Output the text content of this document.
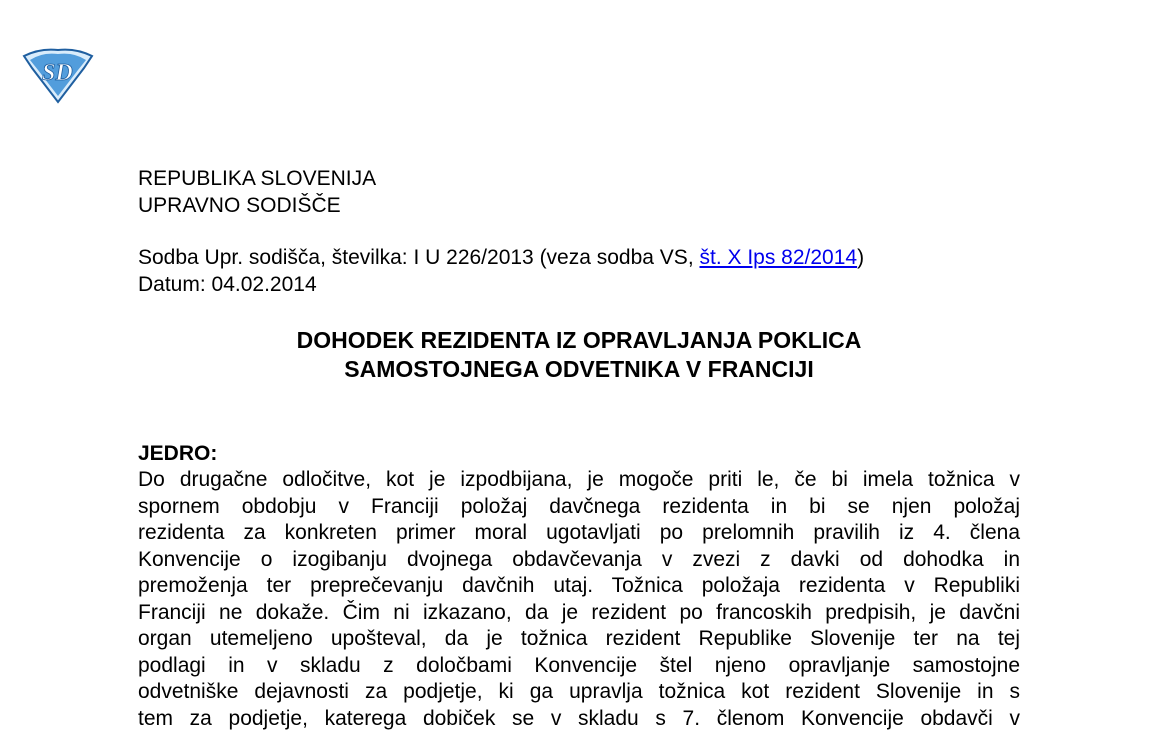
SD
REPUBLIKA SLOVENIJA
UPRAVNO SODIŠČE
Sodba Upr. sodišča, številka: I U 226/2013 (veza sodba VS, št. X Ips 82/2014)
Datum: 04.02.2014
DOHODEK REZIDENTA IZ OPRAVLJANJA POKLICA
SAMOSTOJNEGA ODVETNIKA V FRANCIJI
JEDRO:
Do drugačne odločitve, kot je izpodbijana, je mogoče priti le, če bi imela tožnica v
spornem obdobju v Franciji položaj davčnega rezidenta in bi se njen položaj
rezidenta za konkreten primer moral ugotavljati po prelomnih pravilih iz 4. člena
Konvencije o izogibanju dvojnega obdavčevanja v zvezi z davki od dohodka in
premoženja ter preprečevanju davčnih utaj. Tožnica položaja rezidenta v Republiki
Franciji ne dokaže. Čim ni izkazano, da je rezident po francoskih predpisih, je davčni
organ utemeljeno upošteval, da je tožnica rezident Republike Slovenije ter na tej
podlagi in v skladu z določbami Konvencije štel njeno opravljanje samostojne
odvetniške dejavnosti za podjetje, ki ga upravlja tožnica kot rezident Slovenije in s
tem za podjetje, katerega dobiček se v skladu s 7. členom Konvencije obdavči v
